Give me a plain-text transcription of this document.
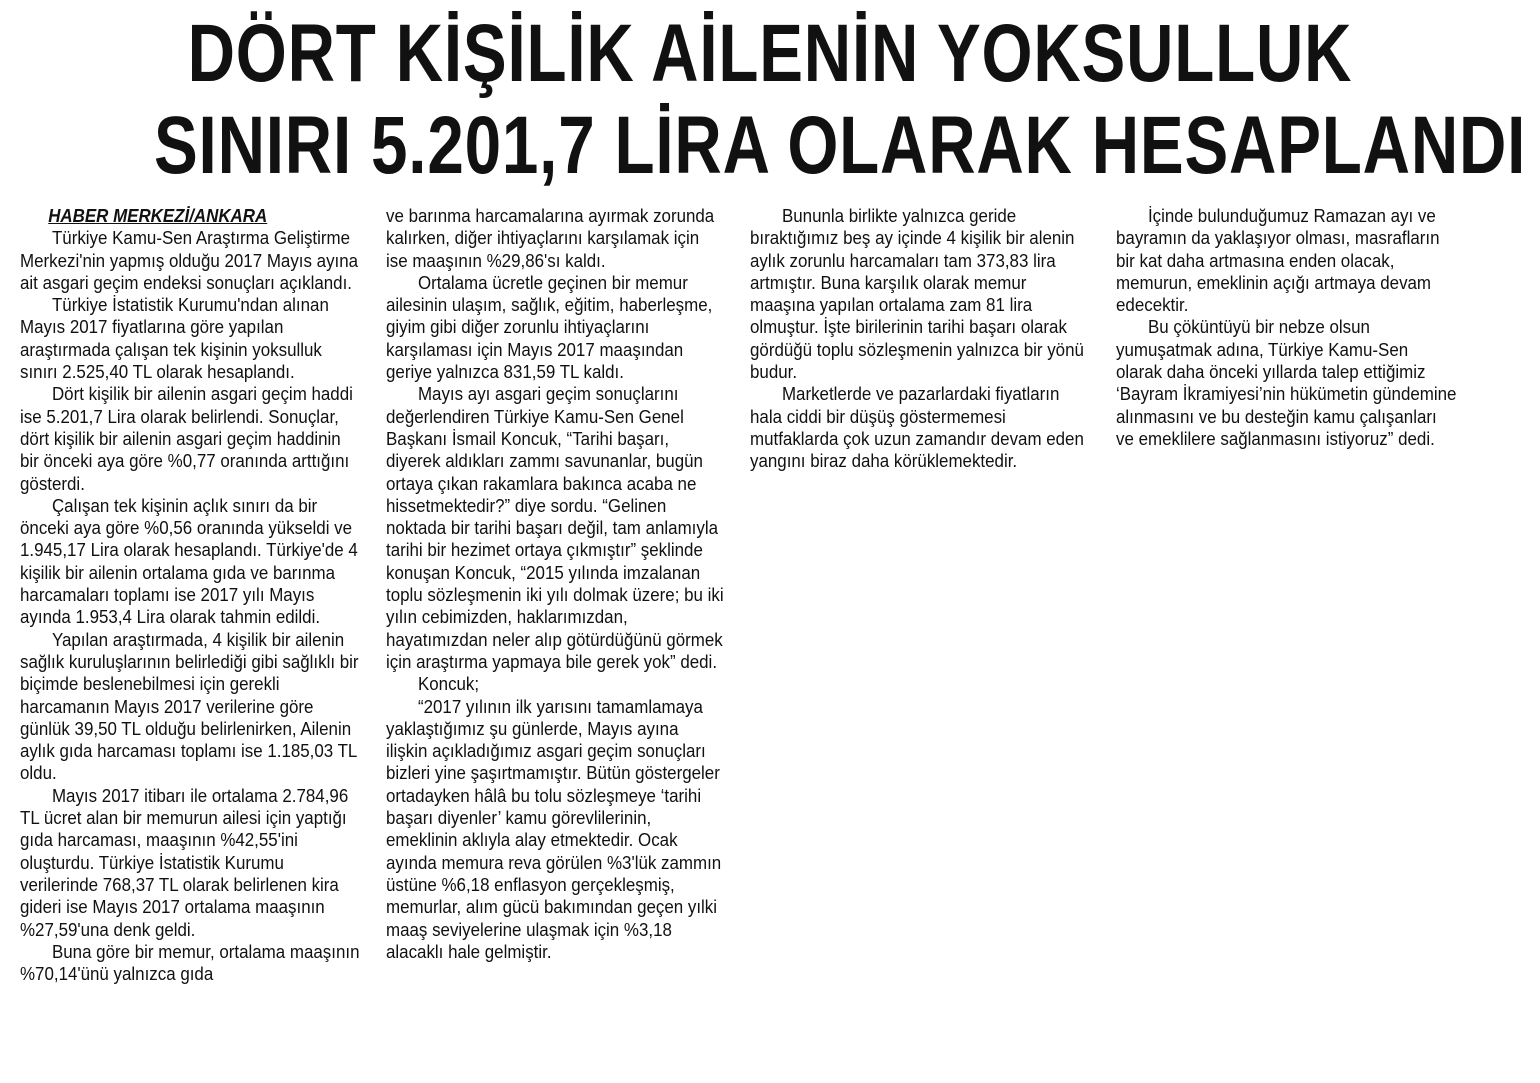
DÖRT KİŞİLİK AİLENİN YOKSULLUK
SINIRI 5.201,7 LİRA OLARAK HESAPLANDI
HABER MERKEZİ/ANKARA

Türkiye Kamu-Sen Araştırma Geliştirme Merkezi'nin yapmış olduğu 2017 Mayıs ayına ait asgari geçim endeksi sonuçları açıklandı.

Türkiye İstatistik Kurumu'ndan alınan Mayıs 2017 fiyatlarına göre yapılan araştırmada çalışan tek kişinin yoksulluk sınırı 2.525,40 TL olarak hesaplandı.

Dört kişilik bir ailenin asgari geçim haddi ise 5.201,7 Lira olarak belirlendi. Sonuçlar, dört kişilik bir ailenin asgari geçim haddinin bir önceki aya göre %0,77 oranında arttığını gösterdi.

Çalışan tek kişinin açlık sınırı da bir önceki aya göre %0,56 oranında yükseldi ve 1.945,17 Lira olarak hesaplandı. Türkiye'de 4 kişilik bir ailenin ortalama gıda ve barınma harcamaları toplamı ise 2017 yılı Mayıs ayında 1.953,4 Lira olarak tahmin edildi.

Yapılan araştırmada, 4 kişilik bir ailenin sağlık kuruluşlarının belirlediği gibi sağlıklı bir biçimde beslenebilmesi için gerekli harcamanın Mayıs 2017 verilerine göre günlük 39,50 TL olduğu belirlenirken, Ailenin aylık gıda harcaması toplamı ise 1.185,03 TL oldu.

Mayıs 2017 itibarı ile ortalama 2.784,96 TL ücret alan bir memurun ailesi için yaptığı gıda harcaması, maaşının %42,55'ini oluşturdu. Türkiye İstatistik Kurumu verilerinde 768,37 TL olarak belirlenen kira gideri ise Mayıs 2017 ortalama maaşının %27,59'una denk geldi.

Buna göre bir memur, ortalama maaşının %70,14'ünü yalnızca gıda

ve barınma harcamalarına ayırmak zorunda kalırken, diğer ihtiyaçlarını karşılamak için ise maaşının %29,86'sı kaldı.

Ortalama ücretle geçinen bir memur ailesinin ulaşım, sağlık, eğitim, haberleşme, giyim gibi diğer zorunlu ihtiyaçlarını karşılaması için Mayıs 2017 maaşından geriye yalnızca 831,59 TL kaldı.

Mayıs ayı asgari geçim sonuçlarını değerlendiren Türkiye Kamu-Sen Genel Başkanı İsmail Koncuk, “Tarihi başarı, diyerek aldıkları zammı savunanlar, bugün ortaya çıkan rakamlara bakınca acaba ne hissetmektedir?” diye sordu. “Gelinen noktada bir tarihi başarı değil, tam anlamıyla tarihi bir hezimet ortaya çıkmıştır” şeklinde konuşan Koncuk, “2015 yılında imzalanan toplu sözleşmenin iki yılı dolmak üzere; bu iki yılın cebimizden, haklarımızdan, hayatımızdan neler alıp götürdüğünü görmek için araştırma yapmaya bile gerek yok” dedi.

Koncuk;

“2017 yılının ilk yarısını tamamlamaya yaklaştığımız şu günlerde, Mayıs ayına ilişkin açıkladığımız asgari geçim sonuçları bizleri yine şaşırtmamıştır. Bütün göstergeler ortadayken hâlâ bu tolu sözleşmeye ‘tarihi başarı diyenler’ kamu görevlilerinin, emeklinin aklıyla alay etmektedir. Ocak ayında memura reva görülen %3'lük zammın üstüne %6,18 enflasyon gerçekleşmiş, memurlar, alım gücü bakımından geçen yılki maaş seviyelerine ulaşmak için %3,18 alacaklı hale gelmiştir.

Bununla birlikte yalnızca geride bıraktığımız beş ay içinde 4 kişilik bir alenin aylık zorunlu harcamaları tam 373,83 lira artmıştır. Buna karşılık olarak memur maaşına yapılan ortalama zam 81 lira olmuştur. İşte birilerinin tarihi başarı olarak gördüğü toplu sözleşmenin yalnızca bir yönü budur.

Marketlerde ve pazarlardaki fiyatların hala ciddi bir düşüş göstermemesi mutfaklarda çok uzun zamandır devam eden yangını biraz daha körüklemektedir.

İçinde bulunduğumuz Ramazan ayı ve bayramın da yaklaşıyor olması, masrafların bir kat daha artmasına enden olacak, memurun, emeklinin açığı artmaya devam edecektir.

Bu çöküntüyü bir nebze olsun yumuşatmak adına, Türkiye Kamu-Sen olarak daha önceki yıllarda talep ettiğimiz ‘Bayram İkramiyesi’nin hükümetin gündemine alınmasını ve bu desteğin kamu çalışanları ve emeklilere sağlanmasını istiyoruz” dedi.
